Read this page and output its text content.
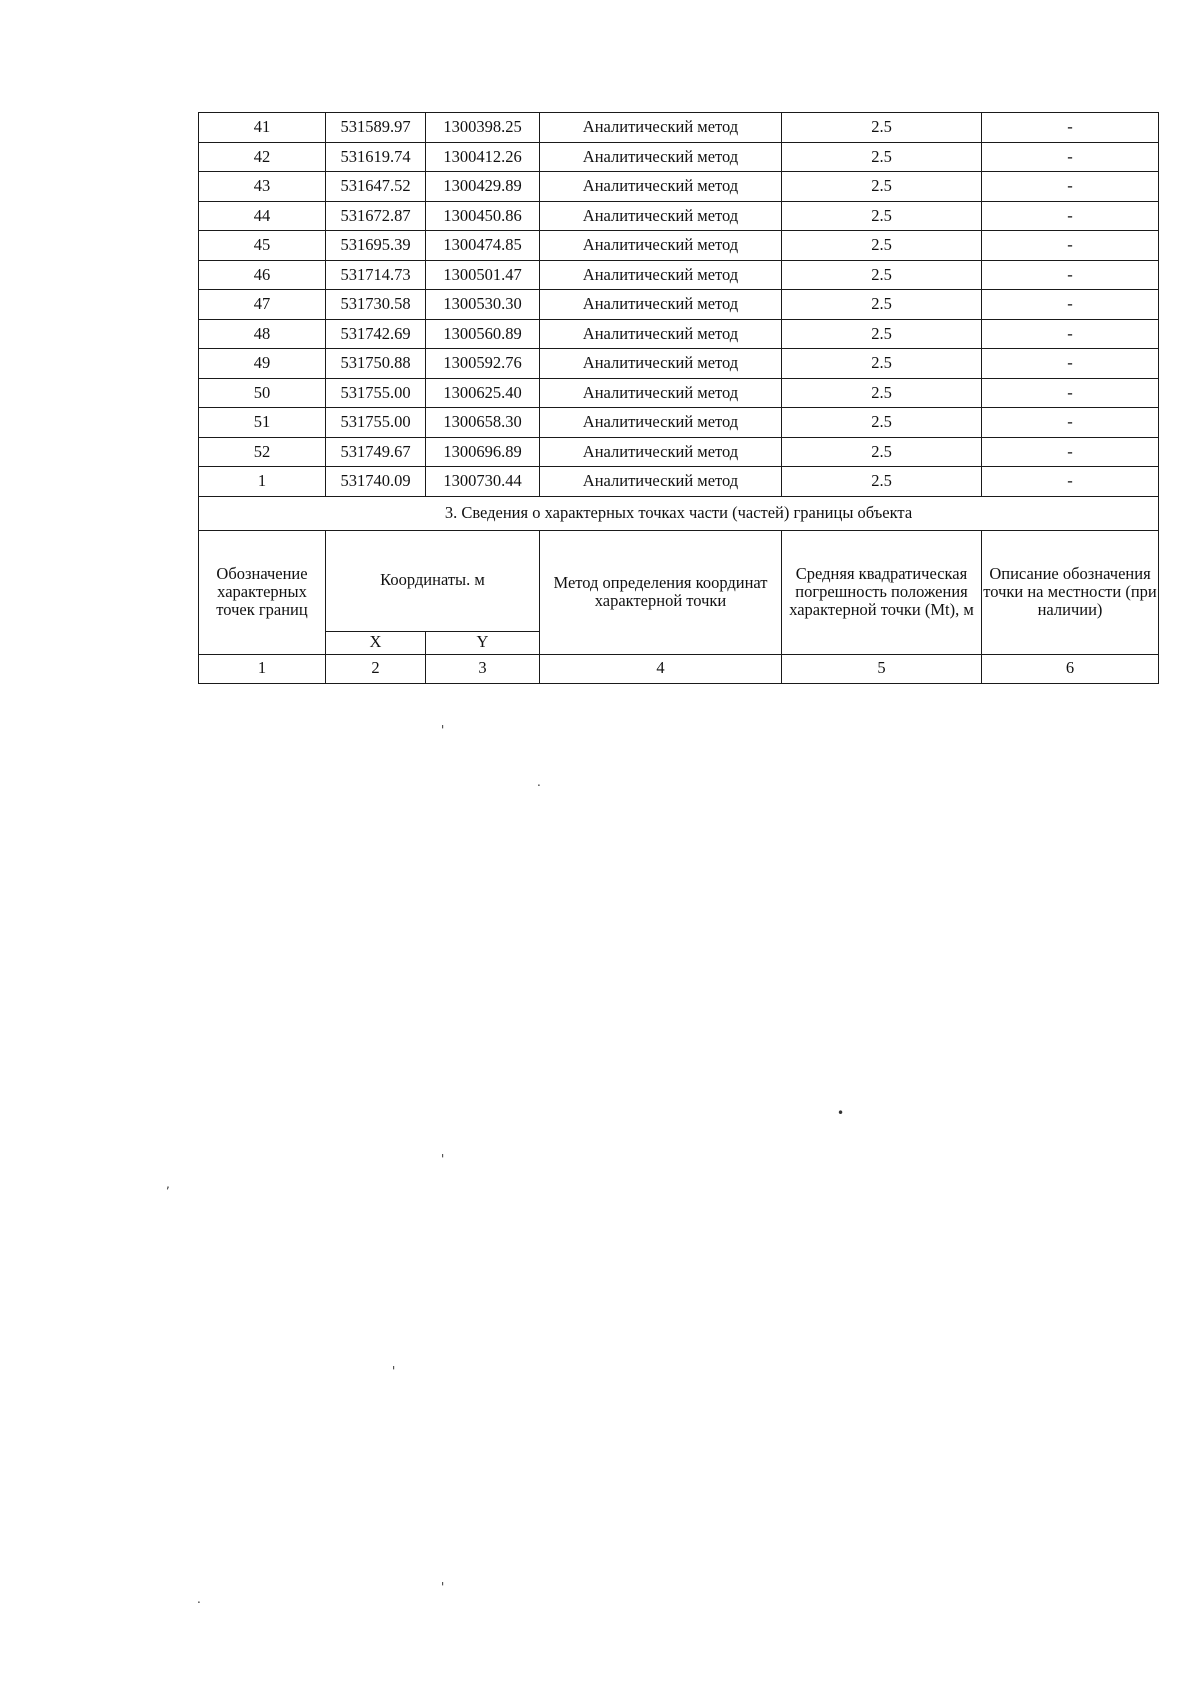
41	531589.97	1300398.25	Аналитический метод	2.5	-
42	531619.74	1300412.26	Аналитический метод	2.5	-
43	531647.52	1300429.89	Аналитический метод	2.5	-
44	531672.87	1300450.86	Аналитический метод	2.5	-
45	531695.39	1300474.85	Аналитический метод	2.5	-
46	531714.73	1300501.47	Аналитический метод	2.5	-
47	531730.58	1300530.30	Аналитический метод	2.5	-
48	531742.69	1300560.89	Аналитический метод	2.5	-
49	531750.88	1300592.76	Аналитический метод	2.5	-
50	531755.00	1300625.40	Аналитический метод	2.5	-
51	531755.00	1300658.30	Аналитический метод	2.5	-
52	531749.67	1300696.89	Аналитический метод	2.5	-
1	531740.09	1300730.44	Аналитический метод	2.5	-
3. Сведения о характерных точках части (частей) границы объекта					
Обозначение характерных точек границ	Координаты. м		Метод определения координат характерной точки	Средняя квадратическая погрешность положения характерной точки (Mt), м	Описание обозначения точки на местности (при наличии)
	X	Y			
1	2	3	4	5	6
'
.
•
'
,
'
'
.
